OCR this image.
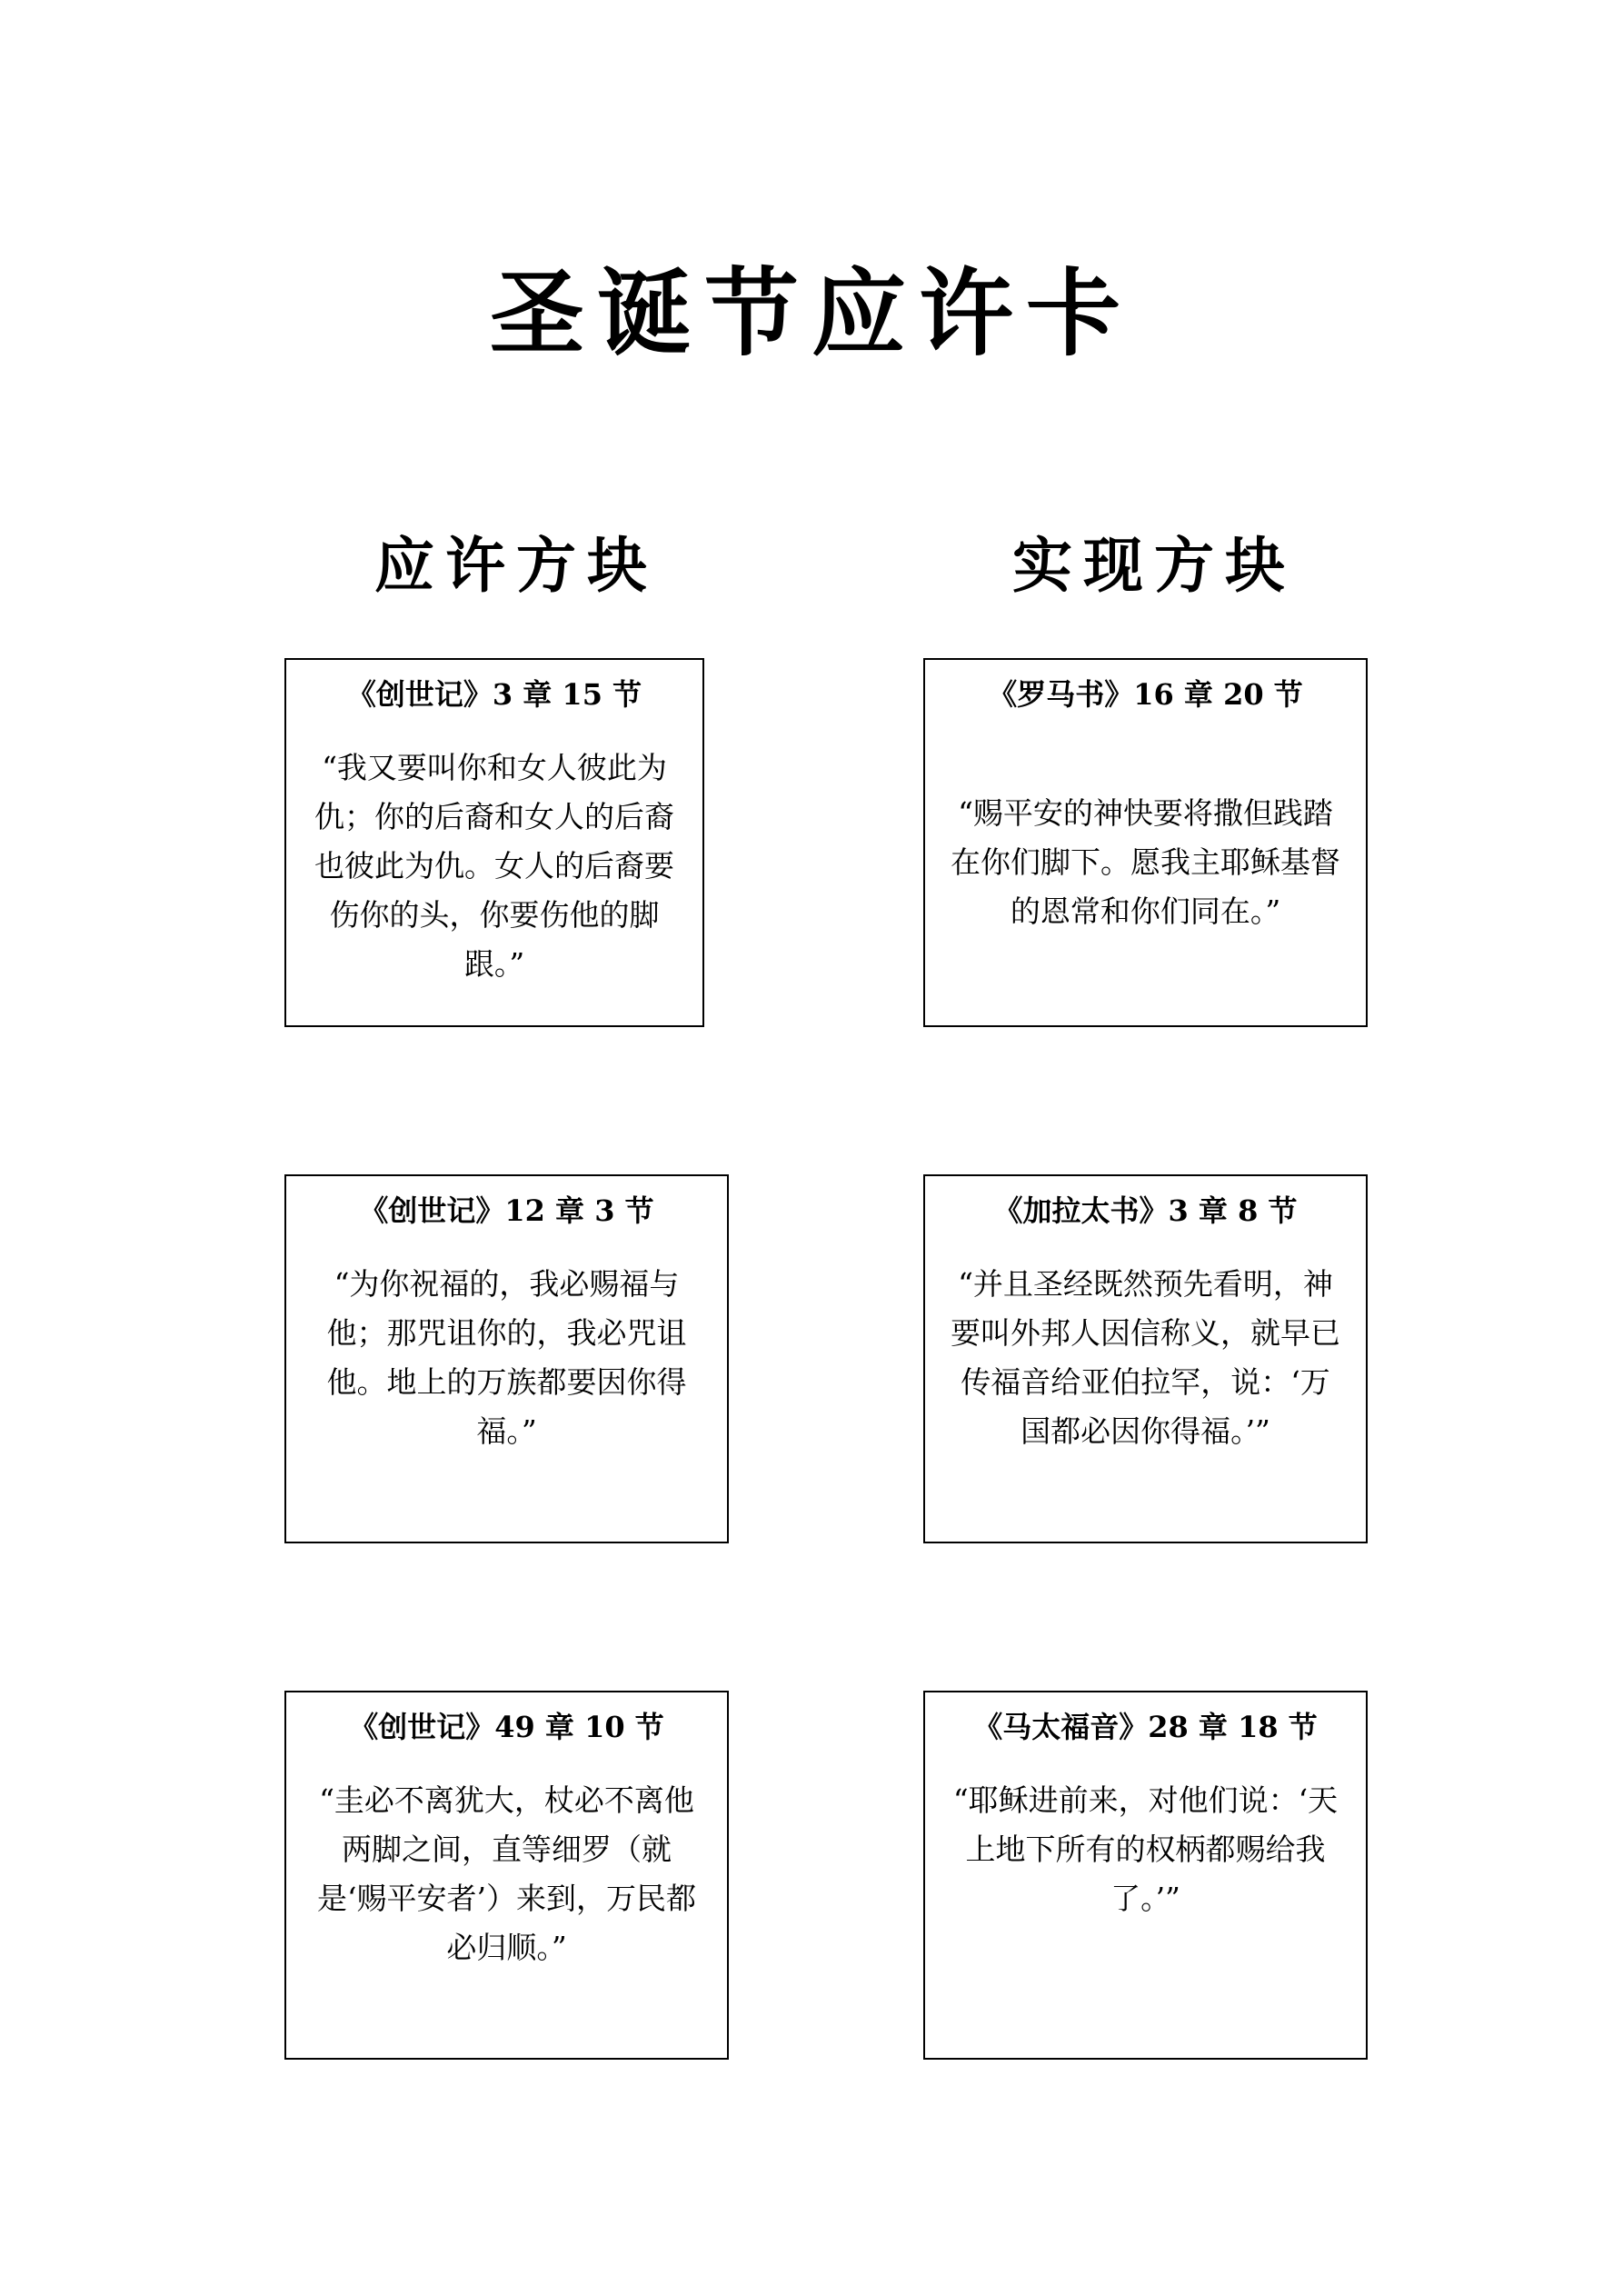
圣诞节应许卡
应许方块	实现方块
《创世记》3 章 15 节
“我又要叫你和女人彼此为仇；你的后裔和女人的后裔也彼此为仇。女人的后裔要伤你的头，你要伤他的脚跟。”
《创世记》12 章 3 节
“为你祝福的，我必赐福与他；那咒诅你的，我必咒诅他。地上的万族都要因你得福。”
《创世记》49 章 10 节
“圭必不离犹大，杖必不离他两脚之间，直等细罗（就是‘赐平安者’）来到，万民都必归顺。”
《罗马书》16 章 20 节
“赐平安的神快要将撒但践踏在你们脚下。愿我主耶稣基督的恩常和你们同在。”
《加拉太书》3 章 8 节
“并且圣经既然预先看明，神要叫外邦人因信称义，就早已传福音给亚伯拉罕，说：‘万国都必因你得福。’”
《马太福音》28 章 18 节
“耶稣进前来，对他们说：‘天上地下所有的权柄都赐给我了。’”
